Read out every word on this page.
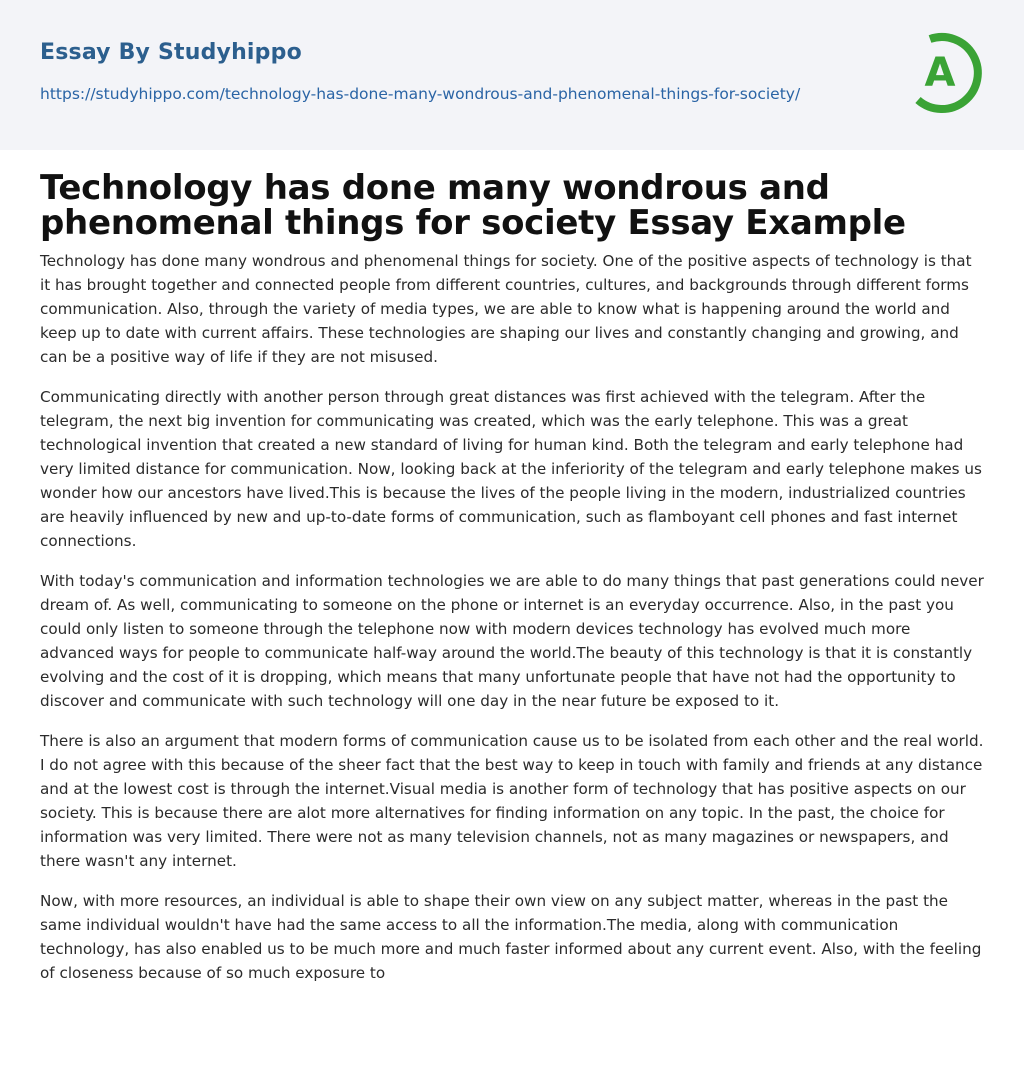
Essay By Studyhippo
https://studyhippo.com/technology-has-done-many-wondrous-and-phenomenal-things-for-society/	A
Technology has done many wondrous and phenomenal things for society Essay Example

Technology has done many wondrous and phenomenal things for society. One of the positive aspects of technology is that it has brought together and connected people from different countries, cultures, and backgrounds through different forms communication. Also, through the variety of media types, we are able to know what is happening around the world and keep up to date with current affairs. These technologies are shaping our lives and constantly changing and growing, and can be a positive way of life if they are not misused.

Communicating directly with another person through great distances was first achieved with the telegram. After the telegram, the next big invention for communicating was created, which was the early telephone. This was a great technological invention that created a new standard of living for human kind. Both the telegram and early telephone had very limited distance for communication. Now, looking back at the inferiority of the telegram and early telephone makes us wonder how our ancestors have lived.This is because the lives of the people living in the modern, industrialized countries are heavily influenced by new and up-to-date forms of communication, such as flamboyant cell phones and fast internet connections.

With today's communication and information technologies we are able to do many things that past generations could never dream of. As well, communicating to someone on the phone or internet is an everyday occurrence. Also, in the past you could only listen to someone through the telephone now with modern devices technology has evolved much more advanced ways for people to communicate half-way around the world.The beauty of this technology is that it is constantly evolving and the cost of it is dropping, which means that many unfortunate people that have not had the opportunity to discover and communicate with such technology will one day in the near future be exposed to it.

There is also an argument that modern forms of communication cause us to be isolated from each other and the real world. I do not agree with this because of the sheer fact that the best way to keep in touch with family and friends at any distance and at the lowest cost is through the internet.Visual media is another form of technology that has positive aspects on our society. This is because there are alot more alternatives for finding information on any topic. In the past, the choice for information was very limited. There were not as many television channels, not as many magazines or newspapers, and there wasn't any internet.

Now, with more resources, an individual is able to shape their own view on any subject matter, whereas in the past the same individual wouldn't have had the same access to all the information.The media, along with communication technology, has also enabled us to be much more and much faster informed about any current event. Also, with the feeling of closeness because of so much exposure to
